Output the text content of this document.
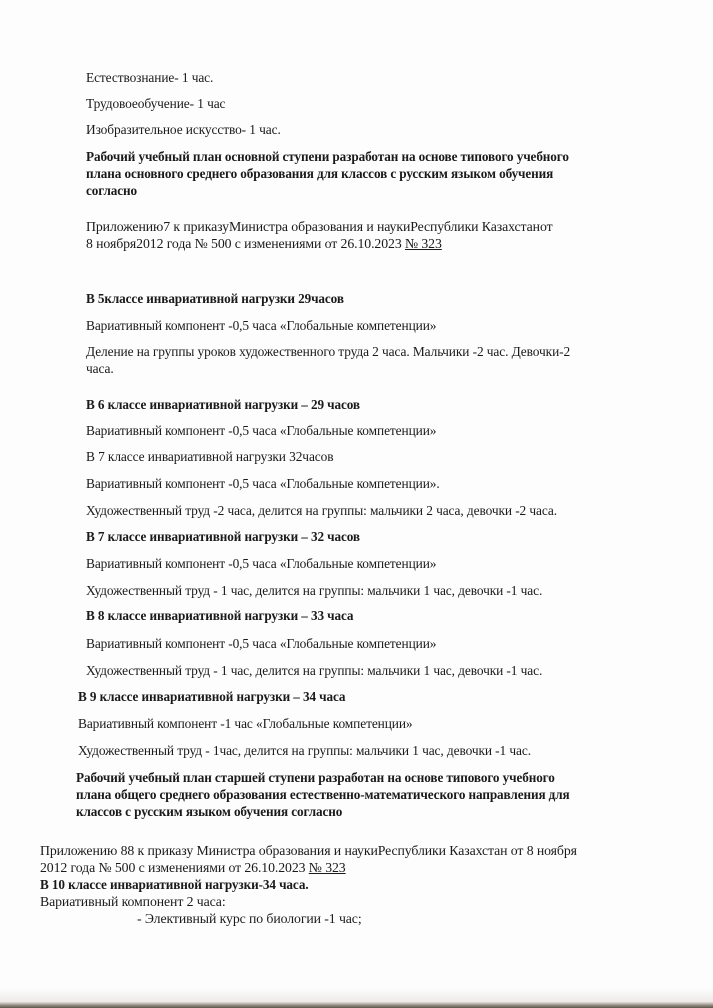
Естествознание- 1 час.
Трудовоеобучение- 1 час
Изобразительное искусство- 1 час.
Рабочий учебный план основной ступени разработан на основе типового учебного
плана основного среднего образования для классов с русским языком обучения
согласно
Приложению7 к приказуМинистра образования и наукиРеспублики Казахстанот
8 ноября2012 года № 500 с изменениями от 26.10.2023 № 323
В 5классе инвариативной нагрузки 29часов
Вариативный компонент -0,5 часа «Глобальные компетенции»
Деление на группы уроков художественного труда 2 часа. Мальчики -2 час. Девочки-2
часа.
В 6 классе инвариативной нагрузки – 29 часов
Вариативный компонент -0,5 часа «Глобальные компетенции»
В 7 классе инвариативной нагрузки 32часов
Вариативный компонент -0,5 часа «Глобальные компетенции».
Художественный труд -2 часа, делится на группы: мальчики 2 часа, девочки -2 часа.
В 7 классе инвариативной нагрузки – 32 часов
Вариативный компонент -0,5 часа «Глобальные компетенции»
Художественный труд - 1 час, делится на группы: мальчики 1 час, девочки -1 час.
В 8 классе инвариативной нагрузки – 33 часа
Вариативный компонент -0,5 часа «Глобальные компетенции»
Художественный труд - 1 час, делится на группы: мальчики 1 час, девочки -1 час.
В 9 классе инвариативной нагрузки – 34 часа
Вариативный компонент -1 час «Глобальные компетенции»
Художественный труд - 1час, делится на группы: мальчики 1 час, девочки -1 час.
Рабочий учебный план старшей ступени разработан на основе типового учебного
плана общего среднего образования естественно-математического направления для
классов с русским языком обучения согласно
Приложению 88 к приказу Министра образования и наукиРеспублики Казахстан от 8 ноября
2012 года № 500 с изменениями от 26.10.2023 № 323
В 10 классе инвариативной нагрузки-34 часа.
Вариативный компонент 2 часа:
- Элективный курс по биологии -1 час;
